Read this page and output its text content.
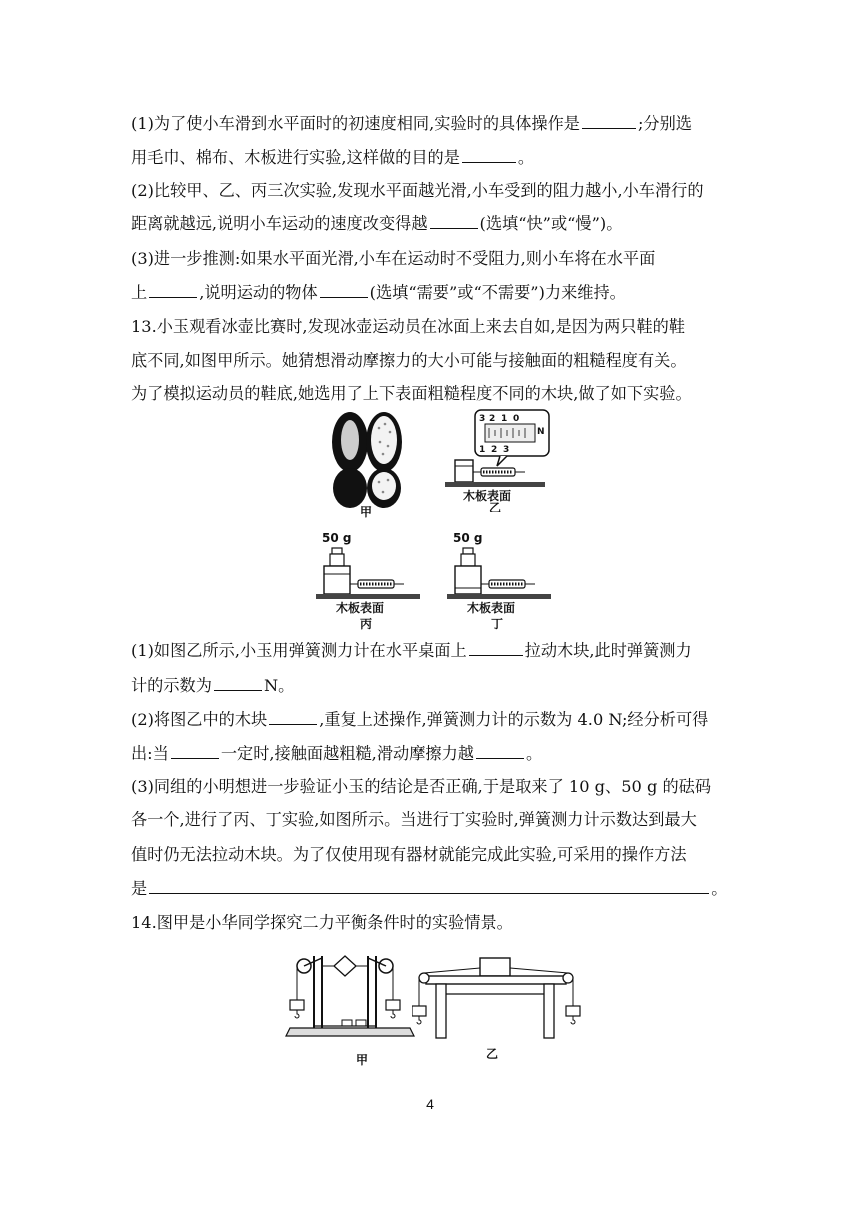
(1)为了使小车滑到水平面时的初速度相同,实验时的具体操作是	;分别选
用毛巾、棉布、木板进行实验,这样做的目的是	。
(2)比较甲、乙、丙三次实验,发现水平面越光滑,小车受到的阻力越小,小车滑行的
距离就越远,说明小车运动的速度改变得越	(选填“快”或“慢”)。
(3)进一步推测:如果水平面光滑,小车在运动时不受阻力,则小车将在水平面
上	,说明运动的物体	(选填“需要”或“不需要”)力来维持。
13.小玉观看冰壶比赛时,发现冰壶运动员在冰面上来去自如,是因为两只鞋的鞋
底不同,如图甲所示。她猜想滑动摩擦力的大小可能与接触面的粗糙程度有关。
为了模拟运动员的鞋底,她选用了上下表面粗糙程度不同的木块,做了如下实验。
甲
3 2 1 0
N
1 2 3
木板表面
乙
50 g
木板表面
丙
50 g
木板表面
丁
(1)如图乙所示,小玉用弹簧测力计在水平桌面上	拉动木块,此时弹簧测力
计的示数为	N。
(2)将图乙中的木块	,重复上述操作,弹簧测力计的示数为 4.0 N;经分析可得
出:当	一定时,接触面越粗糙,滑动摩擦力越	。
(3)同组的小明想进一步验证小玉的结论是否正确,于是取来了 10 g、50 g 的砝码
各一个,进行了丙、丁实验,如图所示。当进行丁实验时,弹簧测力计示数达到最大
值时仍无法拉动木块。为了仅使用现有器材就能完成此实验,可采用的操作方法
是	。
14.图甲是小华同学探究二力平衡条件时的实验情景。
甲	乙
4
